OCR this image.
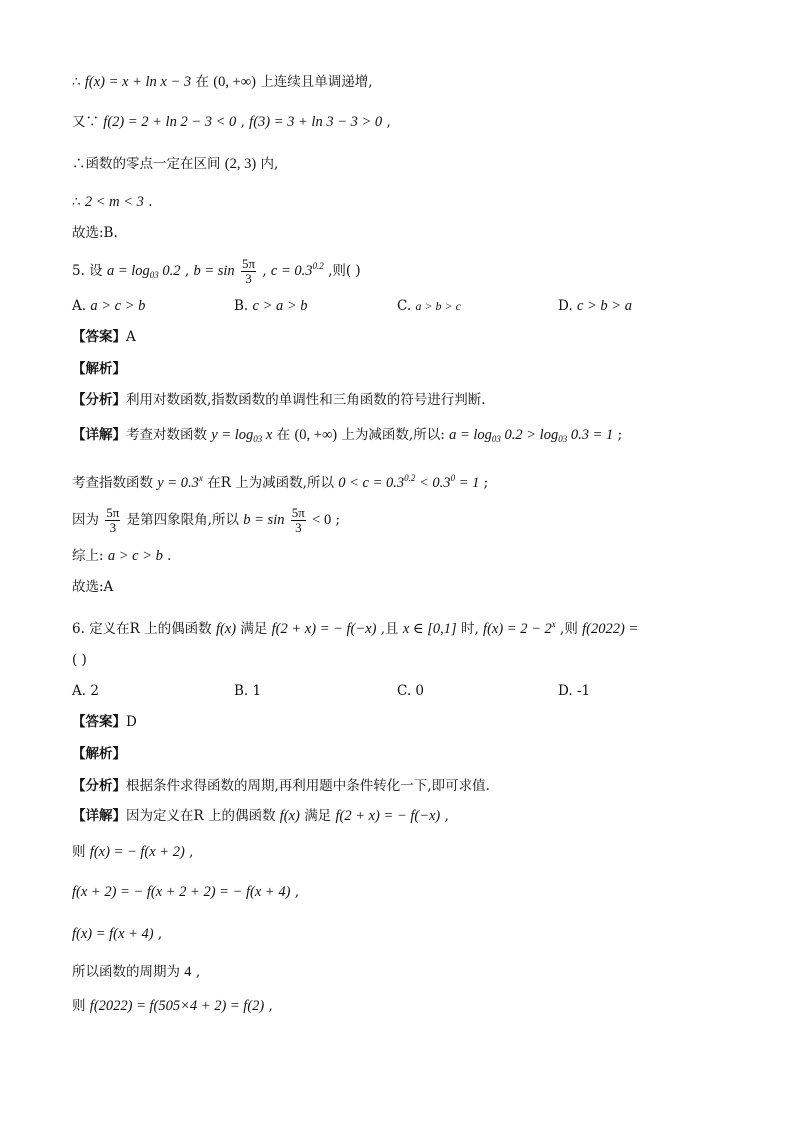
∴ f(x) = x + ln x − 3 在 (0, +∞) 上连续且单调递增,
又∵ f(2) = 2 + ln 2 − 3 < 0 , f(3) = 3 + ln 3 − 3 > 0 ,
∴函数的零点一定在区间 (2, 3) 内,
∴ 2 < m < 3 .
故选:B.
5. 设 $a = \log_{03} 0.2$ , $b = \sin \frac{5\pi}{3}$ , $c = 0.3^{0.2}$ ,则( )
A. a > c > b	B. c > a > b	C. a > b > c	D. c > b > a
【答案】A
【解析】
【分析】利用对数函数,指数函数的单调性和三角函数的符号进行判断.
【详解】考查对数函数 $y = \log_{03} x$ 在 (0, +∞) 上为减函数,所以: $a = \log_{03} 0.2 > \log_{03} 0.3 = 1$ ;
考查指数函数 $y = 0.3^x$ 在R 上为减函数,所以 $0 < c = 0.3^{0.2} < 0.3^0 = 1$ ;
因为 $\frac{5\pi}{3}$ 是第四象限角,所以 $b = \sin \frac{5\pi}{3} < 0$ ;
综上: a > c > b .
故选:A
6. 定义在R 上的偶函数 f(x) 满足 f(2 + x) = − f(−x) ,且 x ∈ [0,1] 时, $f(x) = 2 - 2^x$ ,则 f(2022) =
( )
A. 2	B. 1	C. 0	D. -1
【答案】D
【解析】
【分析】根据条件求得函数的周期,再利用题中条件转化一下,即可求值.
【详解】因为定义在R 上的偶函数 f(x) 满足 f(2 + x) = − f(−x) ,
则 f(x) = − f(x + 2) ,
f(x + 2) = − f(x + 2 + 2) = − f(x + 4) ,
f(x) = f(x + 4) ,
所以函数的周期为 4 ,
则 f(2022) = f(505×4 + 2) = f(2) ,
